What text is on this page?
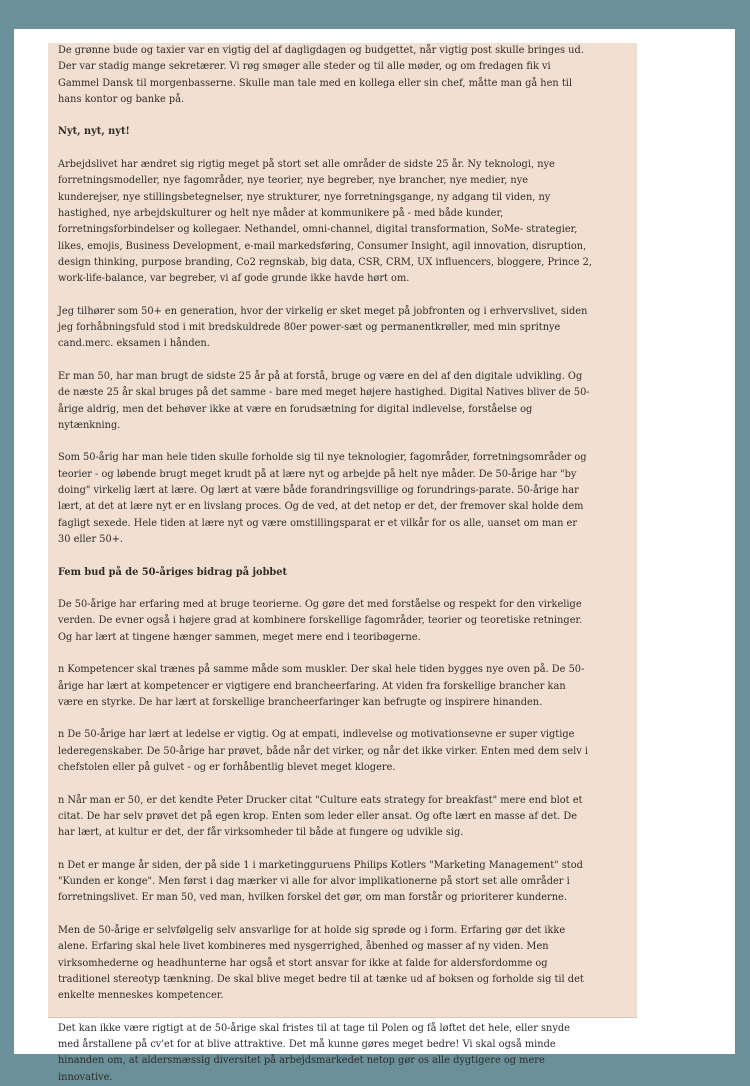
De grønne bude og taxier var en vigtig del af dagligdagen og budgettet, når vigtig post skulle bringes ud. Der var stadig mange sekretærer. Vi røg smøger alle steder og til alle møder, og om fredagen fik vi Gammel Dansk til morgenbasserne. Skulle man tale med en kollega eller sin chef, måtte man gå hen til hans kontor og banke på.

Nyt, nyt, nyt!

Arbejdslivet har ændret sig rigtig meget på stort set alle områder de sidste 25 år. Ny teknologi, nye forretningsmodeller, nye fagområder, nye teorier, nye begreber, nye brancher, nye medier, nye kunderejser, nye stillingsbetegnelser, nye strukturer, nye forretningsgange, ny adgang til viden, ny hastighed, nye arbejdskulturer og helt nye måder at kommunikere på - med både kunder, forretningsforbindelser og kollegaer. Nethandel, omni-channel, digital transformation, SoMe- strategier, likes, emojis, Business Development, e-mail markedsføring, Consumer Insight, agil innovation, disruption, design thinking, purpose branding, Co2 regnskab, big data, CSR, CRM, UX influencers, bloggere, Prince 2, work-life-balance, var begreber, vi af gode grunde ikke havde hørt om.

Jeg tilhører som 50+ en generation, hvor der virkelig er sket meget på jobfronten og i erhvervslivet, siden jeg forhåbningsfuld stod i mit bredskuldrede 80er power-sæt og permanentkrøller, med min spritnye cand.merc. eksamen i hånden.

Er man 50, har man brugt de sidste 25 år på at forstå, bruge og være en del af den digitale udvikling. Og de næste 25 år skal bruges på det samme - bare med meget højere hastighed. Digital Natives bliver de 50-årige aldrig, men det behøver ikke at være en forudsætning for digital indlevelse, forståelse og nytænkning.

Som 50-årig har man hele tiden skulle forholde sig til nye teknologier, fagområder, forretningsområder og teorier - og løbende brugt meget krudt på at lære nyt og arbejde på helt nye måder. De 50-årige har "by doing" virkelig lært at lære. Og lært at være både forandringsvillige og forundrings-parate. 50-årige har lært, at det at lære nyt er en livslang proces. Og de ved, at det netop er det, der fremover skal holde dem fagligt sexede. Hele tiden at lære nyt og være omstillingsparat er et vilkår for os alle, uanset om man er 30 eller 50+.

Fem bud på de 50-åriges bidrag på jobbet

De 50-årige har erfaring med at bruge teorierne. Og gøre det med forståelse og respekt for den virkelige verden. De evner også i højere grad at kombinere forskellige fagområder, teorier og teoretiske retninger. Og har lært at tingene hænger sammen, meget mere end i teoribøgerne.

n Kompetencer skal trænes på samme måde som muskler. Der skal hele tiden bygges nye oven på. De 50-årige har lært at kompetencer er vigtigere end brancheerfaring. At viden fra forskellige brancher kan være en styrke. De har lært at forskellige brancheerfaringer kan befrugte og inspirere hinanden.

n De 50-årige har lært at ledelse er vigtig. Og at empati, indlevelse og motivationsevne er super vigtige lederegenskaber. De 50-årige har prøvet, både når det virker, og når det ikke virker. Enten med dem selv i chefstolen eller på gulvet - og er forhåbentlig blevet meget klogere.

n Når man er 50, er det kendte Peter Drucker citat "Culture eats strategy for breakfast" mere end blot et citat. De har selv prøvet det på egen krop. Enten som leder eller ansat. Og ofte lært en masse af det. De har lært, at kultur er det, der får virksomheder til både at fungere og udvikle sig.

n Det er mange år siden, der på side 1 i marketingguruens Philips Kotlers "Marketing Management" stod "Kunden er konge". Men først i dag mærker vi alle for alvor implikationerne på stort set alle områder i forretningslivet. Er man 50, ved man, hvilken forskel det gør, om man forstår og prioriterer kunderne.

Men de 50-årige er selvfølgelig selv ansvarlige for at holde sig sprøde og i form. Erfaring gør det ikke alene. Erfaring skal hele livet kombineres med nysgerrighed, åbenhed og masser af ny viden. Men virksomhederne og headhunterne har også et stort ansvar for ikke at falde for aldersfordomme og traditionel stereotyp tænkning. De skal blive meget bedre til at tænke ud af boksen og forholde sig til det enkelte menneskes kompetencer.

Det kan ikke være rigtigt at de 50-årige skal fristes til at tage til Polen og få løftet det hele, eller snyde med årstallene på cv'et for at blive attraktive. Det må kunne gøres meget bedre! Vi skal også minde hinanden om, at aldersmæssig diversitet på arbejdsmarkedet netop gør os alle dygtigere og mere innovative.
